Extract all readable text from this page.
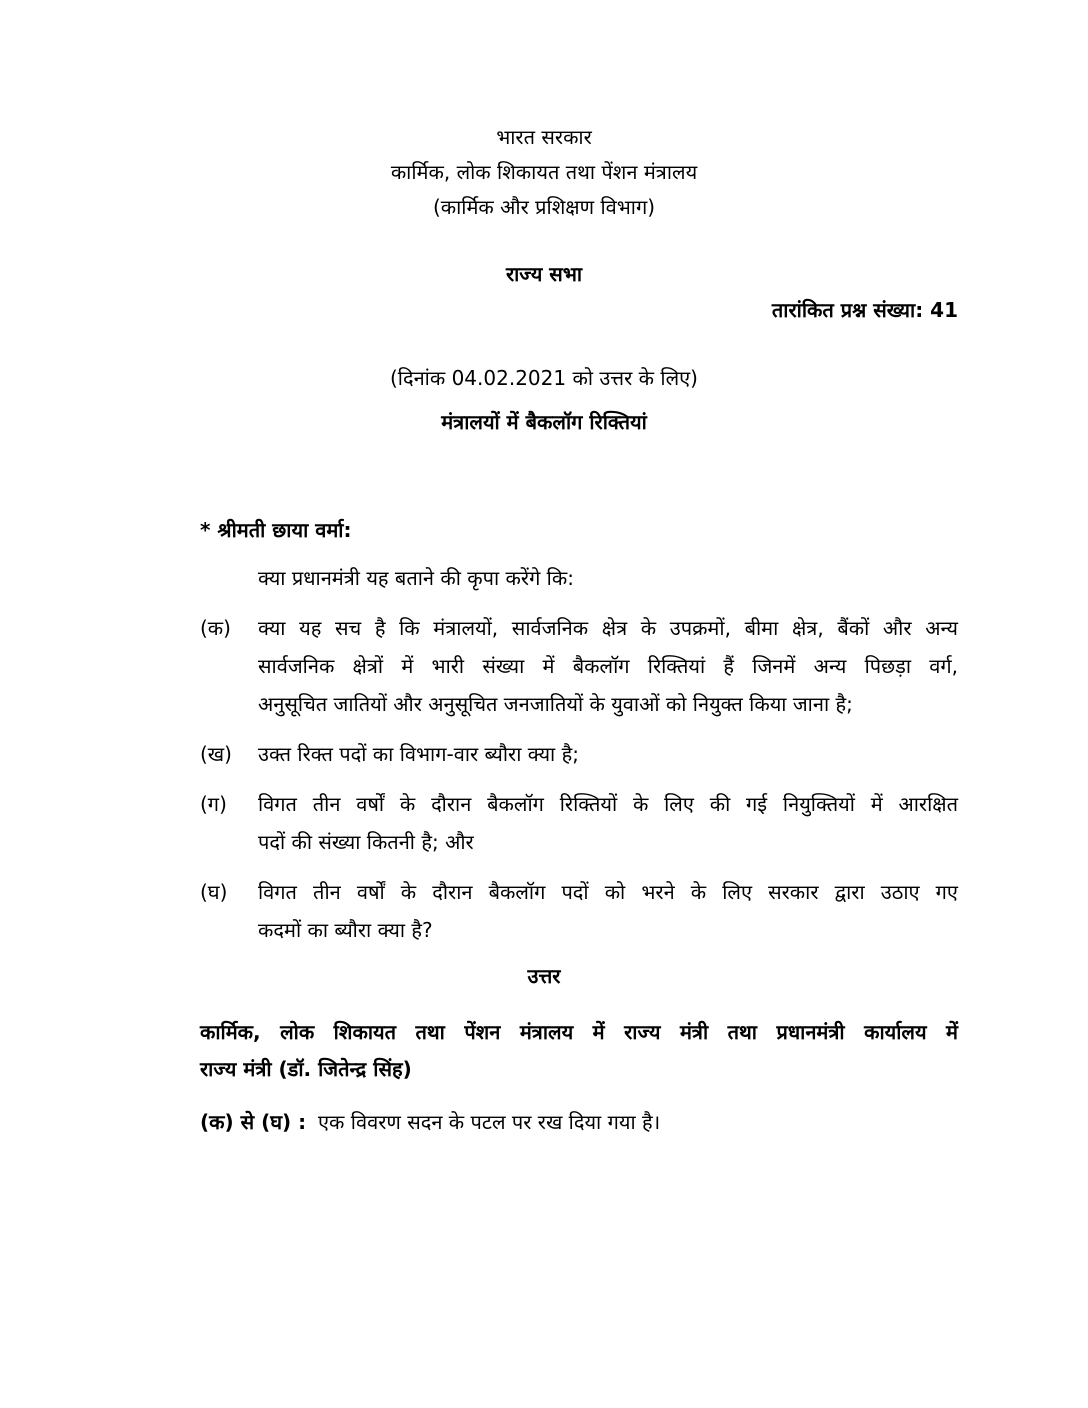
भारत सरकार
कार्मिक, लोक शिकायत तथा पेंशन मंत्रालय
(कार्मिक और प्रशिक्षण विभाग)
राज्य सभा
तारांकित प्रश्न संख्या: 41
(दिनांक 04.02.2021 को उत्तर के लिए)
मंत्रालयों में बैकलॉग रिक्तियां
* श्रीमती छाया वर्मा:
क्या प्रधानमंत्री यह बताने की कृपा करेंगे कि:
(क) क्या यह सच है कि मंत्रालयों, सार्वजनिक क्षेत्र के उपक्रमों, बीमा क्षेत्र, बैंकों और अन्य
सार्वजनिक क्षेत्रों में भारी संख्या में बैकलॉग रिक्तियां हैं जिनमें अन्य पिछड़ा वर्ग,
अनुसूचित जातियों और अनुसूचित जनजातियों के युवाओं को नियुक्त किया जाना है;
(ख) उक्त रिक्त पदों का विभाग-वार ब्यौरा क्या है;
(ग) विगत तीन वर्षों के दौरान बैकलॉग रिक्तियों के लिए की गई नियुक्तियों में आरक्षित
पदों की संख्या कितनी है; और
(घ) विगत तीन वर्षों के दौरान बैकलॉग पदों को भरने के लिए सरकार द्वारा उठाए गए
कदमों का ब्यौरा क्या है?
उत्तर
कार्मिक, लोक शिकायत तथा पेंशन मंत्रालय में राज्य मंत्री तथा प्रधानमंत्री कार्यालय में
राज्य मंत्री (डॉ. जितेन्द्र सिंह)
(क) से (घ) : एक विवरण सदन के पटल पर रख दिया गया है।
